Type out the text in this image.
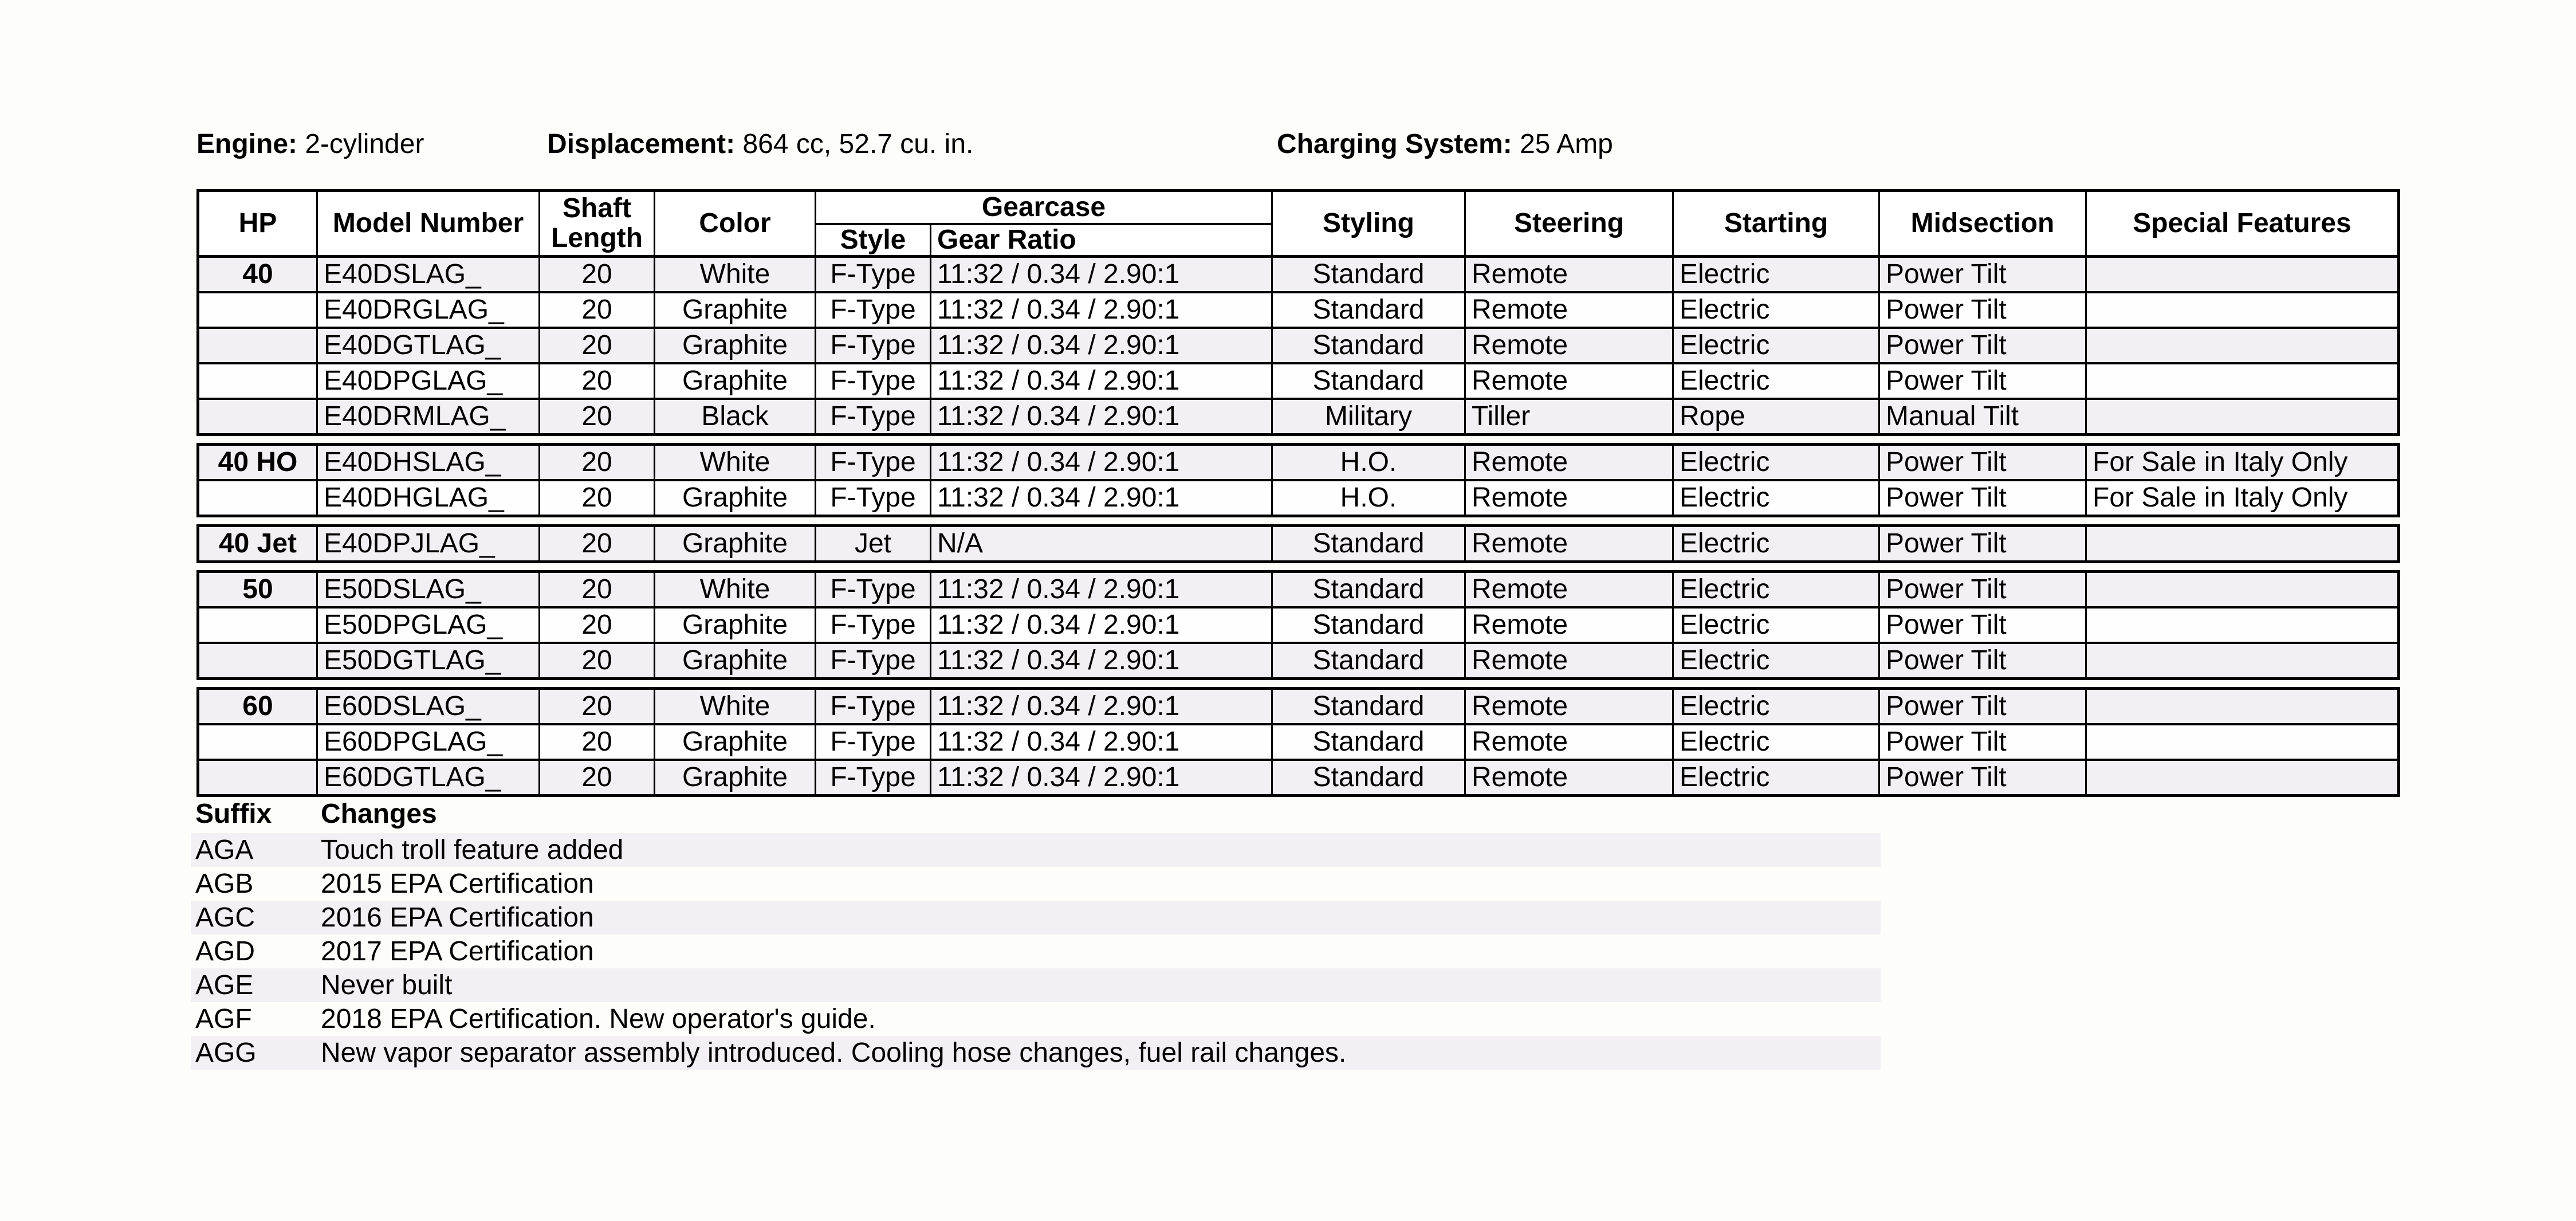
Engine: 2-cylinder	Displacement: 864 cc, 52.7 cu. in.	Charging System: 25 Amp
HP	Model Number	Shaft Length	Color	Gearcase		Styling	Steering	Starting	Midsection	Special Features
				Style	Gear Ratio					
40	E40DSLAG_	20	White	F-Type	11:32 / 0.34 / 2.90:1	Standard	Remote	Electric	Power Tilt	
	E40DRGLAG_	20	Graphite	F-Type	11:32 / 0.34 / 2.90:1	Standard	Remote	Electric	Power Tilt	
	E40DGTLAG_	20	Graphite	F-Type	11:32 / 0.34 / 2.90:1	Standard	Remote	Electric	Power Tilt	
	E40DPGLAG_	20	Graphite	F-Type	11:32 / 0.34 / 2.90:1	Standard	Remote	Electric	Power Tilt	
	E40DRMLAG_	20	Black	F-Type	11:32 / 0.34 / 2.90:1	Military	Tiller	Rope	Manual Tilt	
40 HO	E40DHSLAG_	20	White	F-Type	11:32 / 0.34 / 2.90:1	H.O.	Remote	Electric	Power Tilt	For Sale in Italy Only
	E40DHGLAG_	20	Graphite	F-Type	11:32 / 0.34 / 2.90:1	H.O.	Remote	Electric	Power Tilt	For Sale in Italy Only
40 Jet	E40DPJLAG_	20	Graphite	Jet	N/A	Standard	Remote	Electric	Power Tilt	
50	E50DSLAG_	20	White	F-Type	11:32 / 0.34 / 2.90:1	Standard	Remote	Electric	Power Tilt	
	E50DPGLAG_	20	Graphite	F-Type	11:32 / 0.34 / 2.90:1	Standard	Remote	Electric	Power Tilt	
	E50DGTLAG_	20	Graphite	F-Type	11:32 / 0.34 / 2.90:1	Standard	Remote	Electric	Power Tilt	
60	E60DSLAG_	20	White	F-Type	11:32 / 0.34 / 2.90:1	Standard	Remote	Electric	Power Tilt	
	E60DPGLAG_	20	Graphite	F-Type	11:32 / 0.34 / 2.90:1	Standard	Remote	Electric	Power Tilt	
	E60DGTLAG_	20	Graphite	F-Type	11:32 / 0.34 / 2.90:1	Standard	Remote	Electric	Power Tilt	
Suffix Changes
AGA Touch troll feature added
AGB 2015 EPA Certification
AGC 2016 EPA Certification
AGD 2017 EPA Certification
AGE Never built
AGF	2018 EPA Certification. New operator's guide.
AGG New vapor separator assembly introduced. Cooling hose changes, fuel rail changes.
